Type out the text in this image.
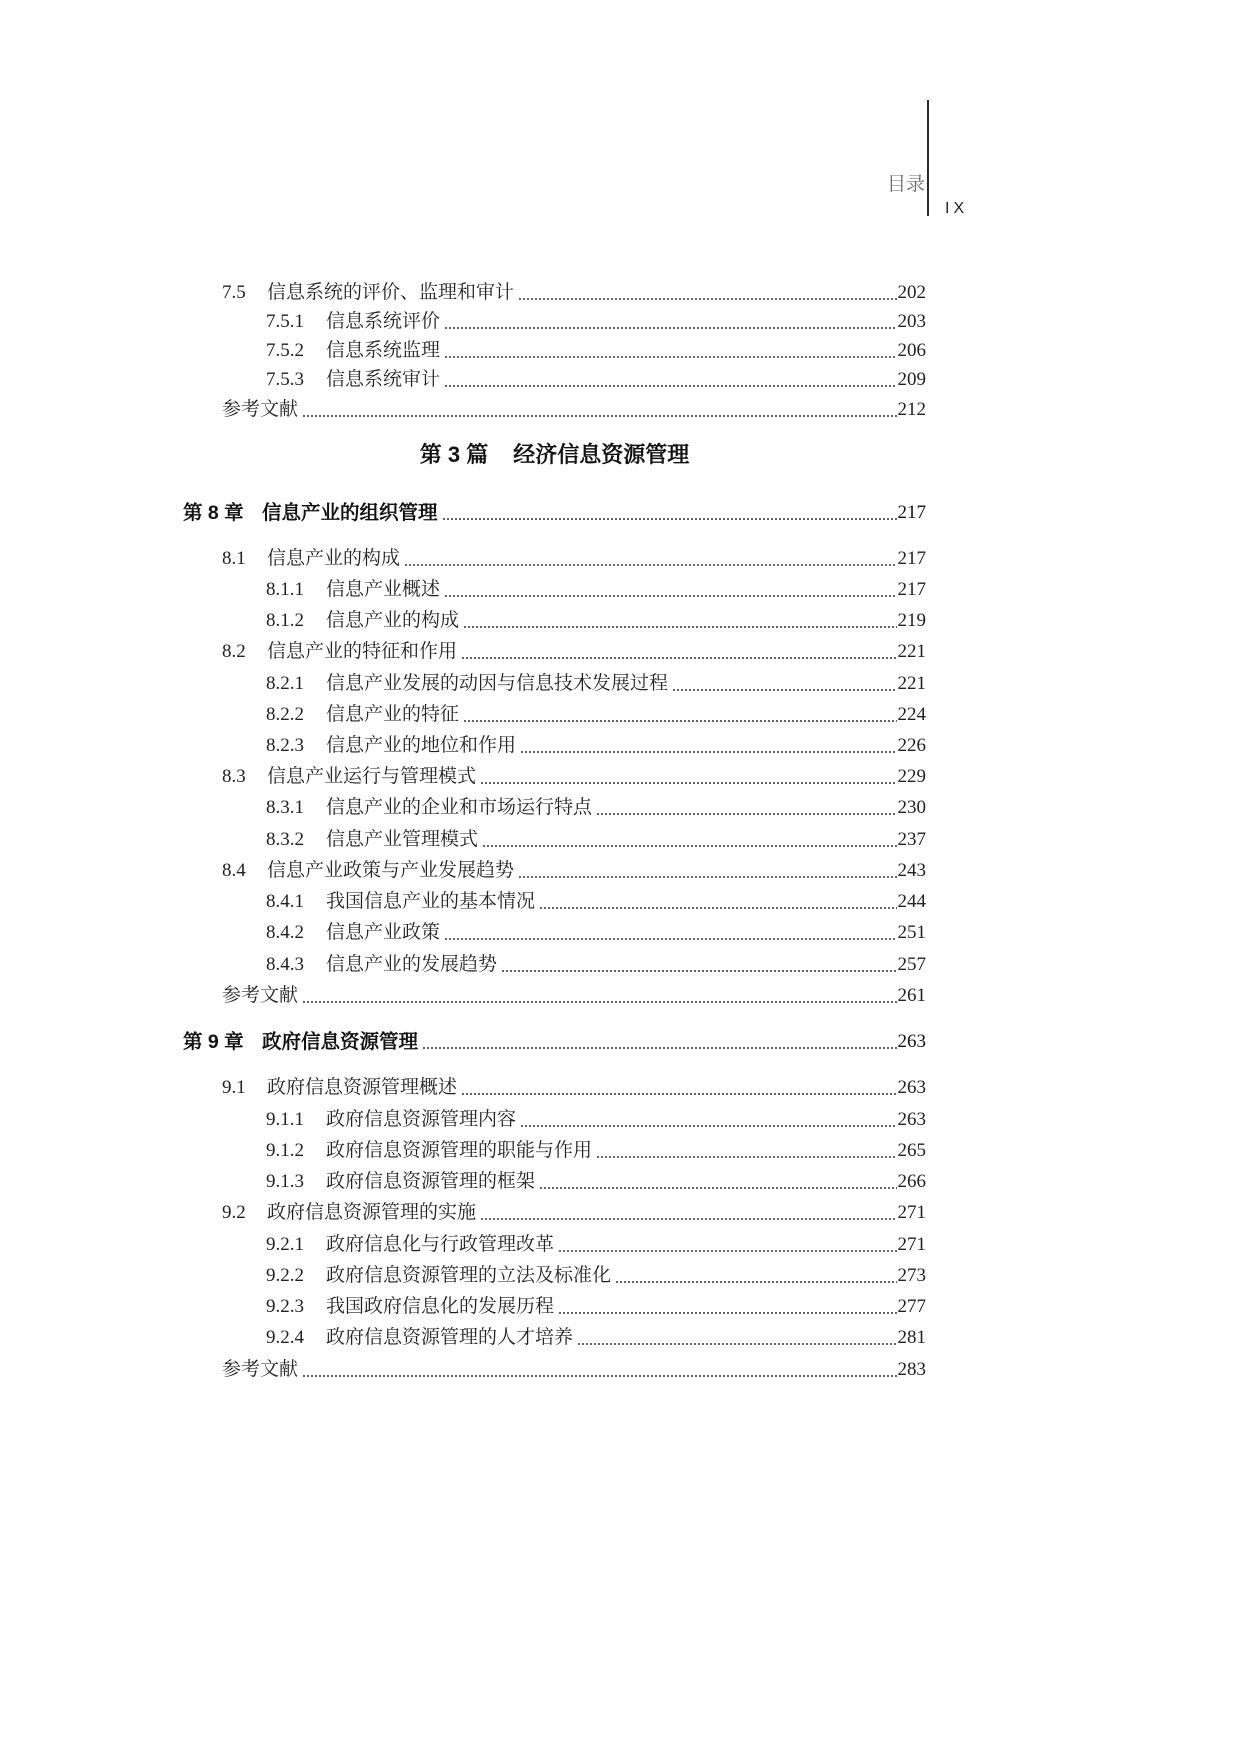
目录
IX
7.5	信息系统的评价、监理和审计	202
7.5.1	信息系统评价	203
7.5.2	信息系统监理	206
7.5.3	信息系统审计	209
参考文献	212
第 3 篇 经济信息资源管理
第 8 章 信息产业的组织管理	217
8.1	信息产业的构成	217
8.1.1	信息产业概述	217
8.1.2	信息产业的构成	219
8.2	信息产业的特征和作用	221
8.2.1	信息产业发展的动因与信息技术发展过程	221
8.2.2	信息产业的特征	224
8.2.3	信息产业的地位和作用	226
8.3	信息产业运行与管理模式	229
8.3.1	信息产业的企业和市场运行特点	230
8.3.2	信息产业管理模式	237
8.4	信息产业政策与产业发展趋势	243
8.4.1	我国信息产业的基本情况	244
8.4.2	信息产业政策	251
8.4.3	信息产业的发展趋势	257
参考文献	261
第 9 章 政府信息资源管理	263
9.1	政府信息资源管理概述	263
9.1.1	政府信息资源管理内容	263
9.1.2	政府信息资源管理的职能与作用	265
9.1.3	政府信息资源管理的框架	266
9.2	政府信息资源管理的实施	271
9.2.1	政府信息化与行政管理改革	271
9.2.2	政府信息资源管理的立法及标准化	273
9.2.3	我国政府信息化的发展历程	277
9.2.4	政府信息资源管理的人才培养	281
参考文献	283
